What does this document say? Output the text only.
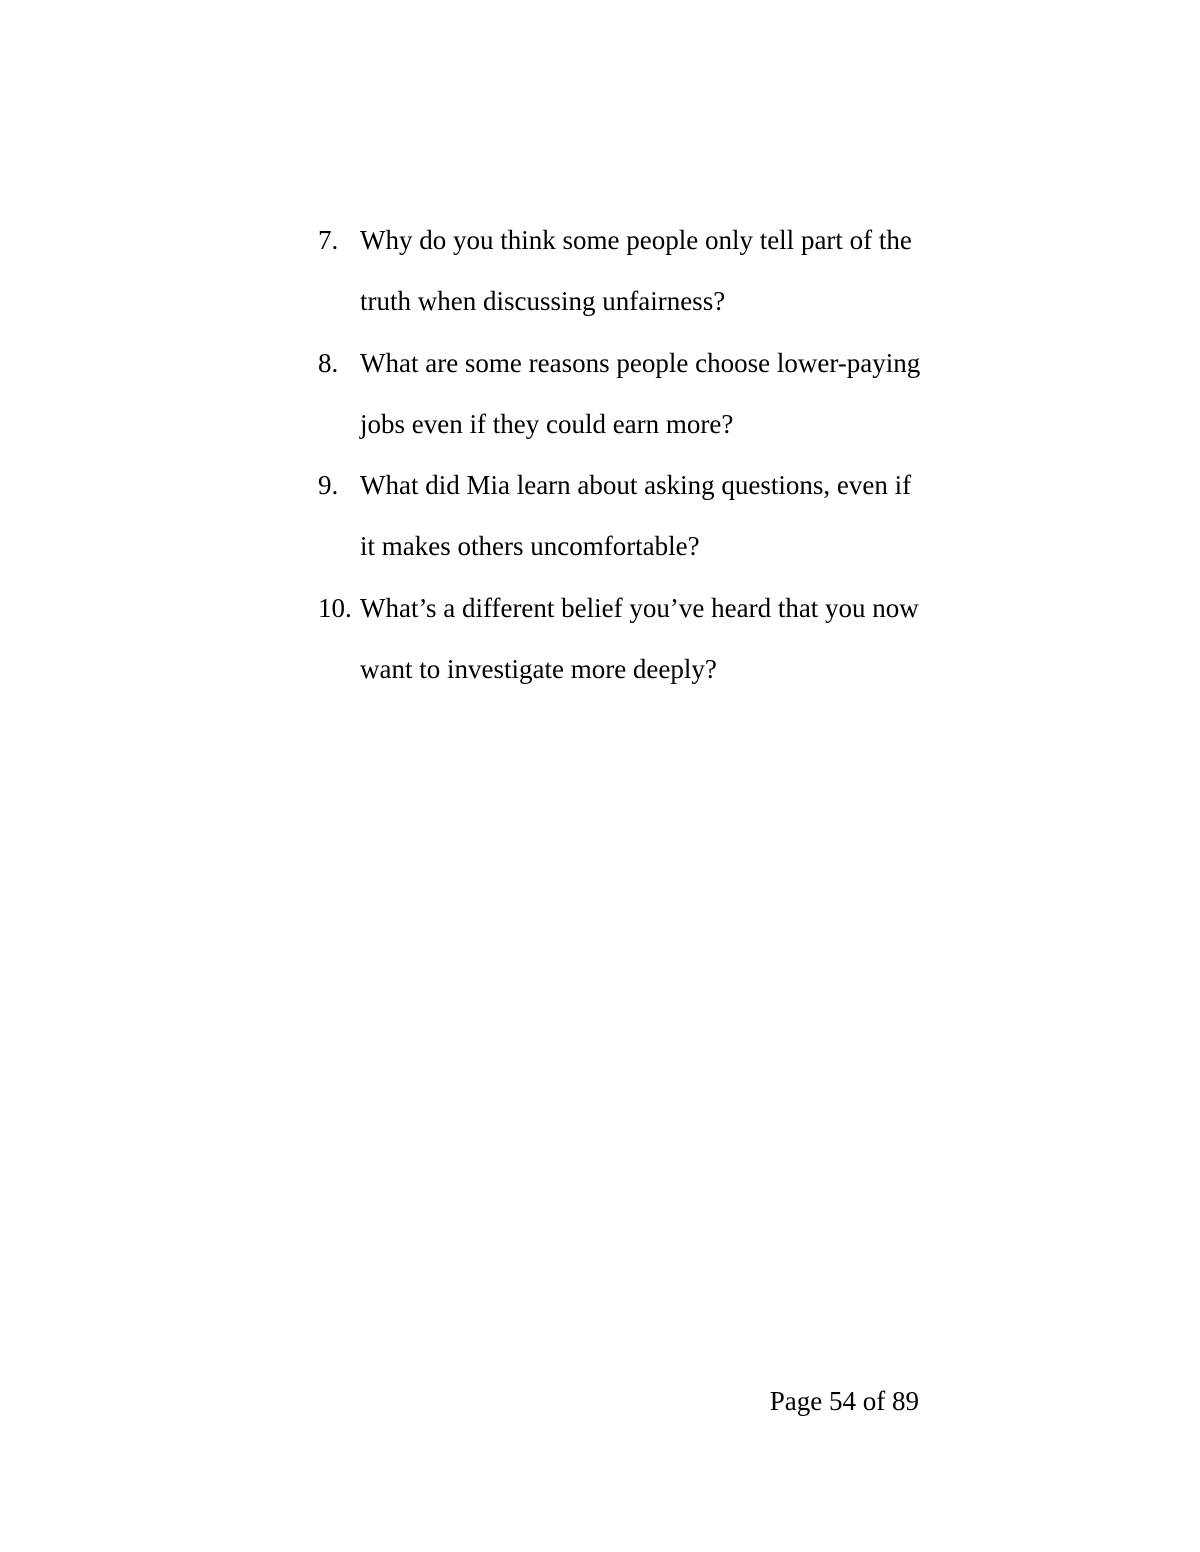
7. Why do you think some people only tell part of the
truth when discussing unfairness?
8. What are some reasons people choose lower-paying
jobs even if they could earn more?
9. What did Mia learn about asking questions, even if
it makes others uncomfortable?
10. What’s a different belief you’ve heard that you now
want to investigate more deeply?
Page 54 of 89
